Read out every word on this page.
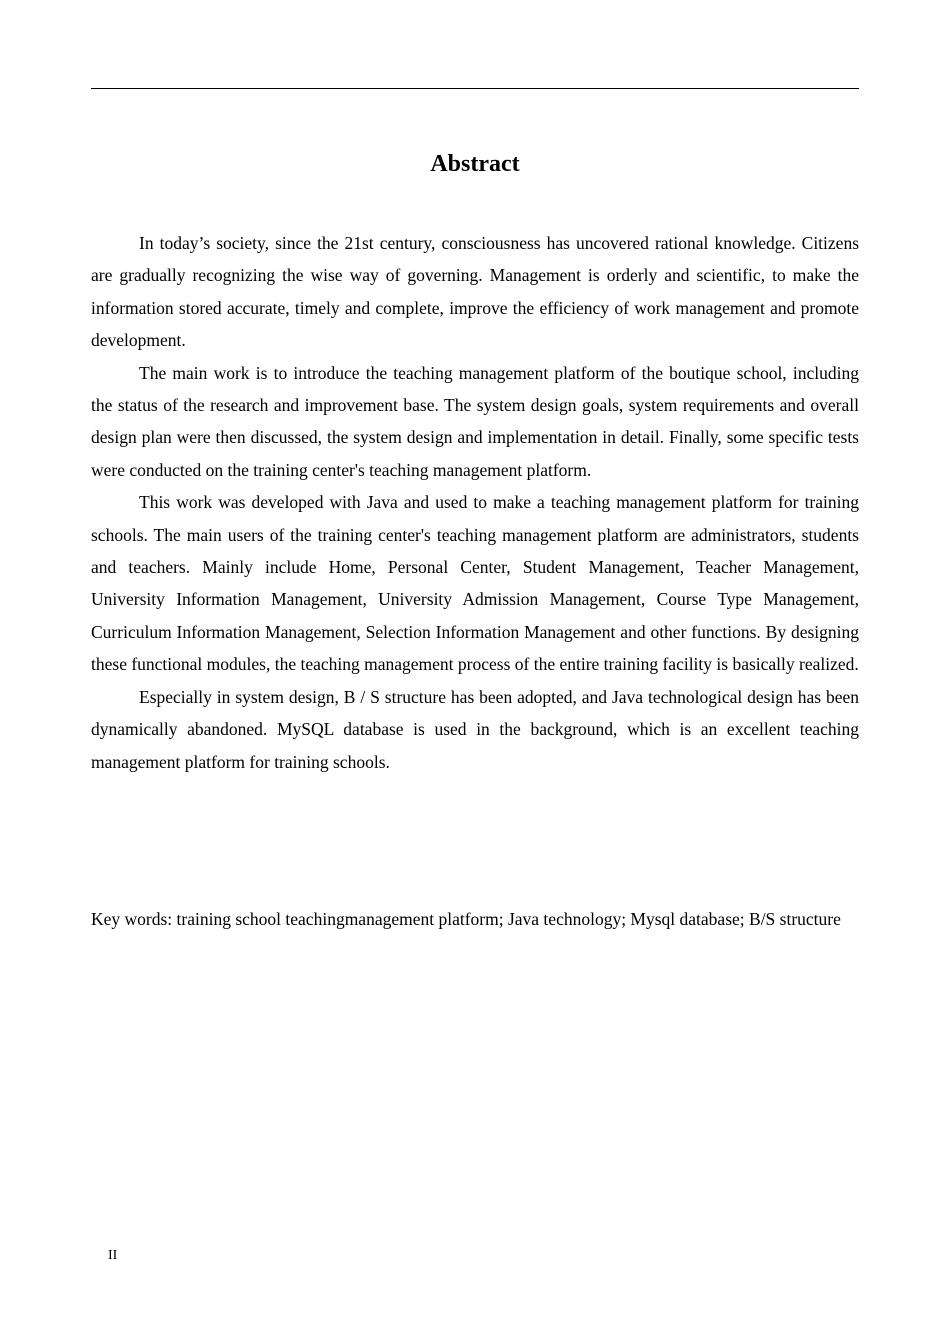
Abstract

In today’s society, since the 21st century, consciousness has uncovered rational knowledge. Citizens are gradually recognizing the wise way of governing. Management is orderly and scientific, to make the information stored accurate, timely and complete, improve the efficiency of work management and promote development.

The main work is to introduce the teaching management platform of the boutique school, including the status of the research and improvement base. The system design goals, system requirements and overall design plan were then discussed, the system design and implementation in detail. Finally, some specific tests were conducted on the training center's teaching management platform.

This work was developed with Java and used to make a teaching management platform for training schools. The main users of the training center's teaching management platform are administrators, students and teachers. Mainly include Home, Personal Center, Student Management, Teacher Management, University Information Management, University Admission Management, Course Type Management, Curriculum Information Management, Selection Information Management and other functions. By designing these functional modules, the teaching management process of the entire training facility is basically realized.

Especially in system design, B / S structure has been adopted, and Java technological design has been dynamically abandoned. MySQL database is used in the background, which is an excellent teaching management platform for training schools.

Key words: training school teachingmanagement platform; Java technology; Mysql database; B/S structure

II
